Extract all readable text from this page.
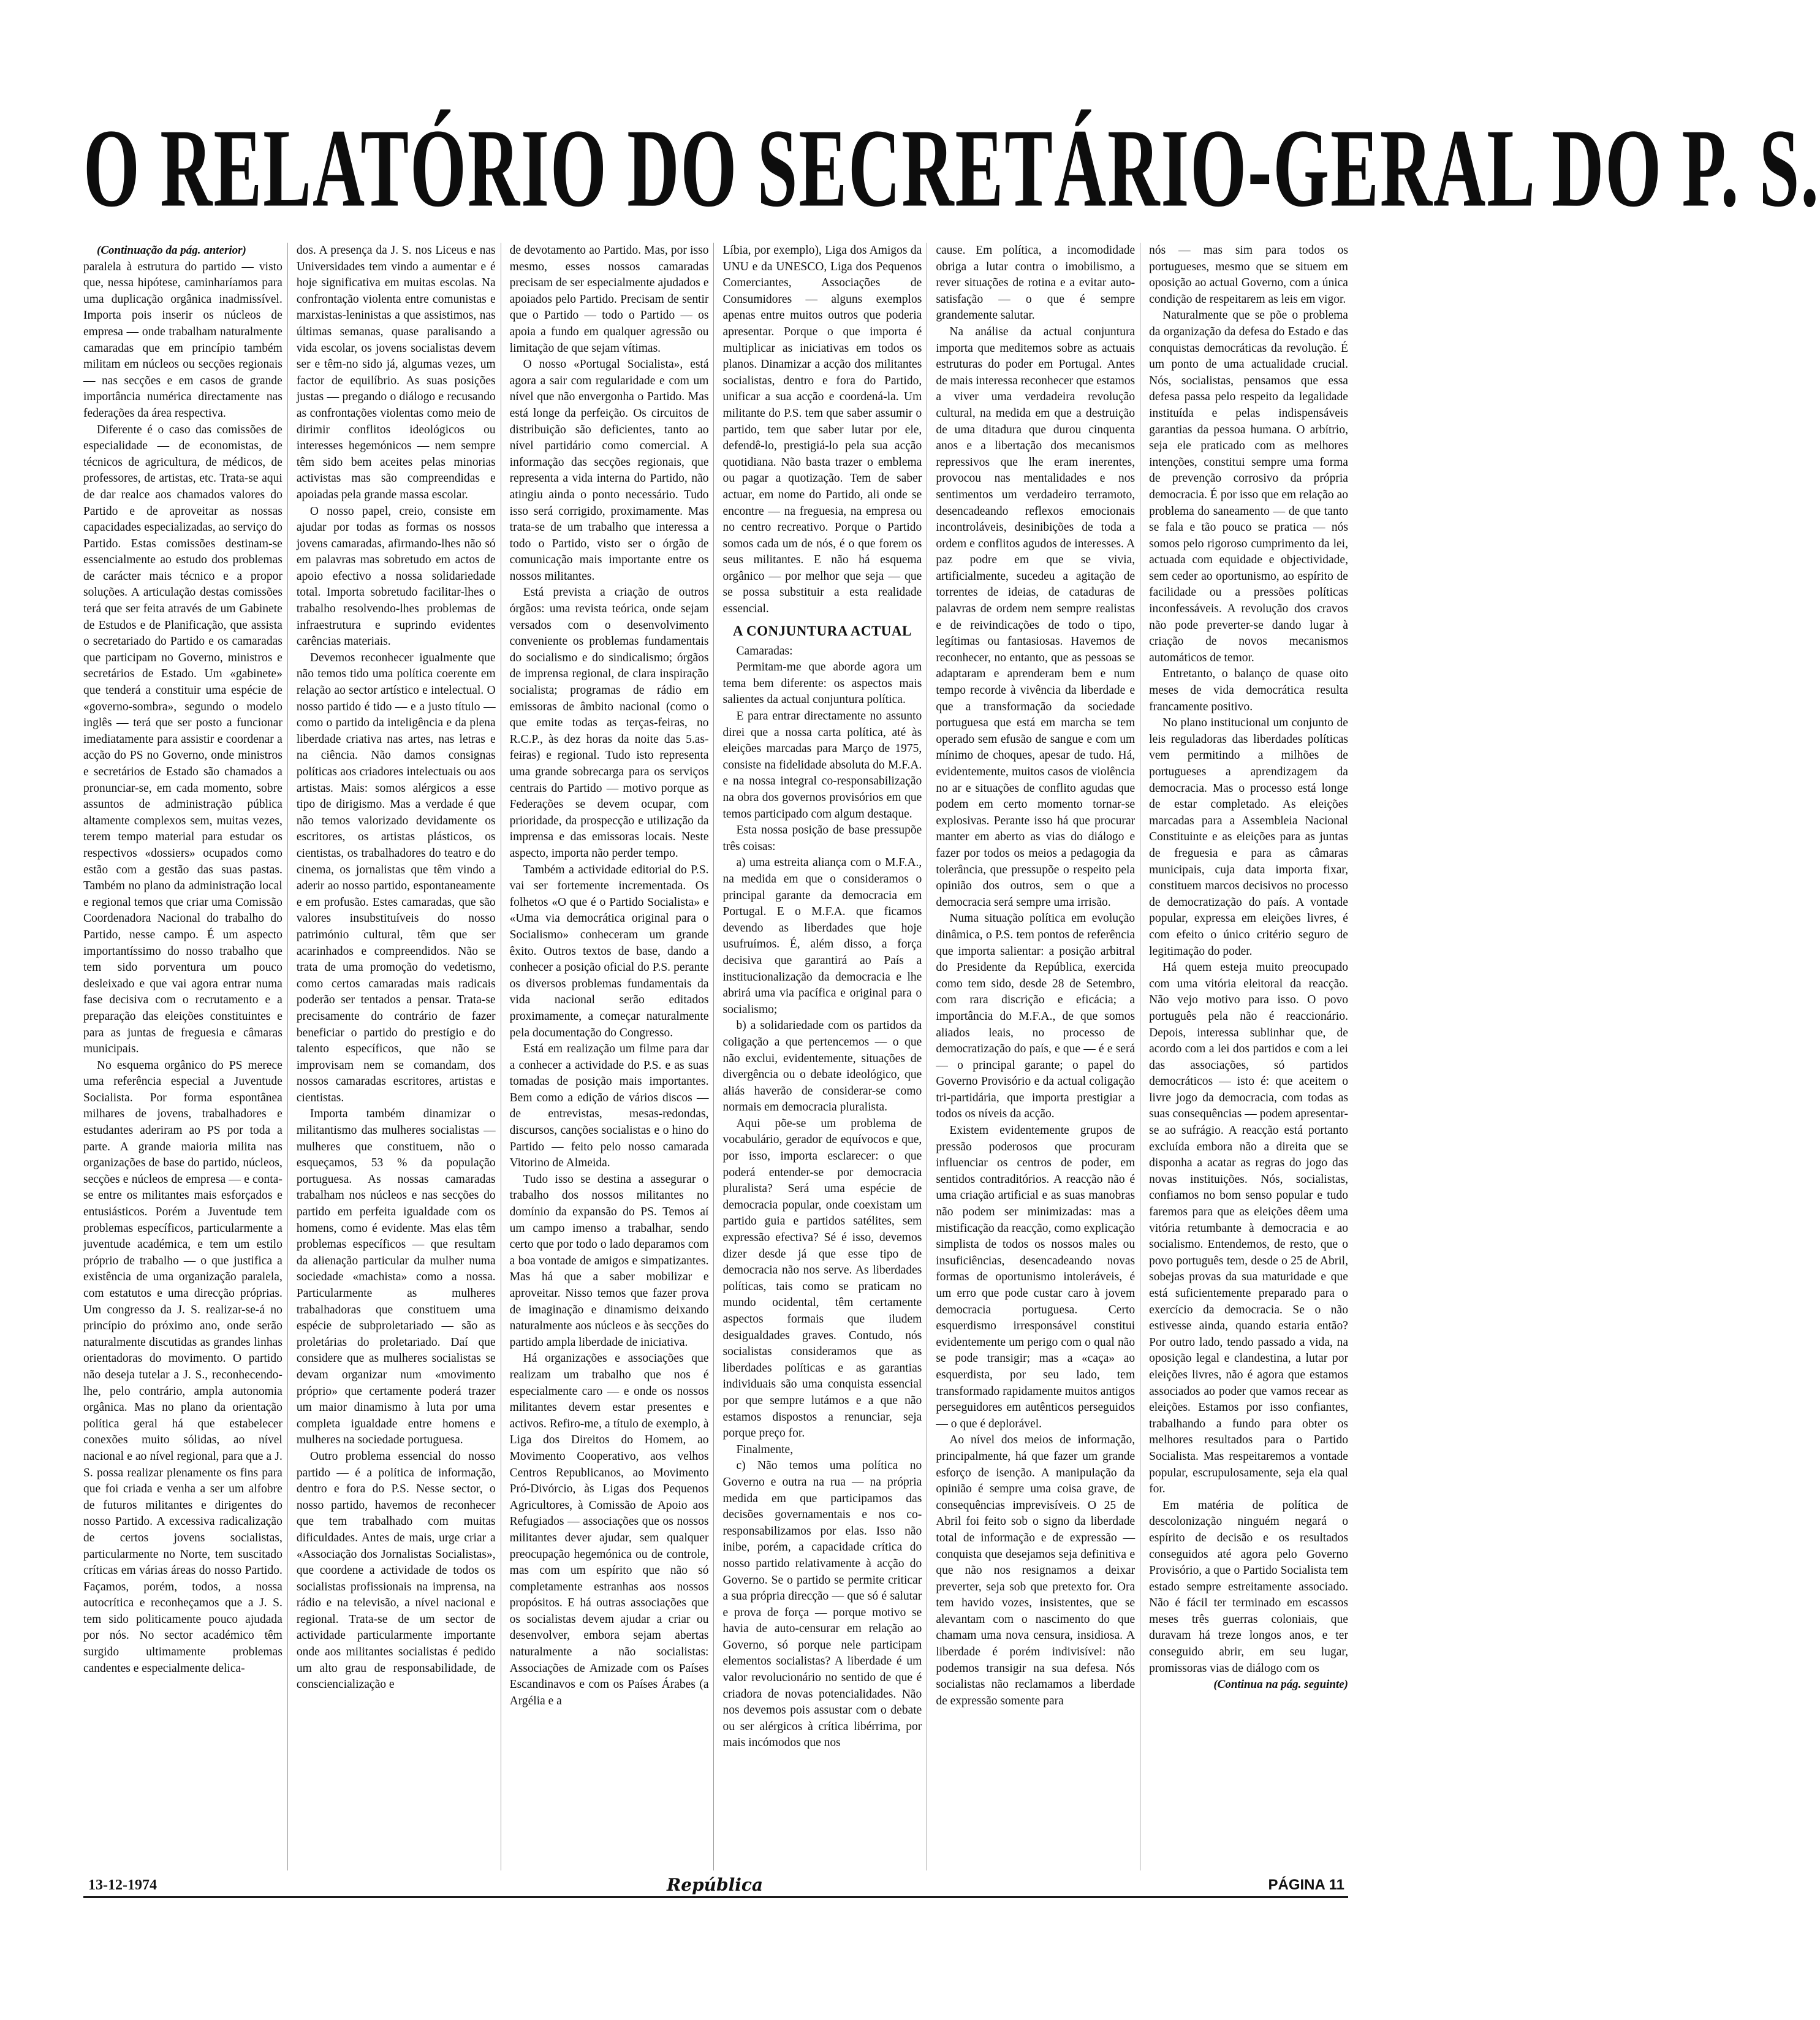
O RELATÓRIO DO SECRETÁRIO-GERAL DO P. S.

(Continuação da pág. anterior)

paralela à estrutura do partido — visto que, nessa hipótese, caminharíamos para uma duplicação orgânica inadmissível. Importa pois inserir os núcleos de empresa — onde trabalham naturalmente camaradas que em princípio também militam em núcleos ou secções regionais — nas secções e em casos de grande importância numérica directamente nas federações da área respectiva.

Diferente é o caso das comissões de especialidade — de economistas, de técnicos de agricultura, de médicos, de professores, de artistas, etc. Trata-se aqui de dar realce aos chamados valores do Partido e de aproveitar as nossas capacidades especializadas, ao serviço do Partido. Estas comissões destinam-se essencialmente ao estudo dos problemas de carácter mais técnico e a propor soluções. A articulação destas comissões terá que ser feita através de um Gabinete de Estudos e de Planificação, que assista o secretariado do Partido e os camaradas que participam no Governo, ministros e secretários de Estado. Um «gabinete» que tenderá a constituir uma espécie de «governo-sombra», segundo o modelo inglês — terá que ser posto a funcionar imediatamente para assistir e coordenar a acção do PS no Governo, onde ministros e secretários de Estado são chamados a pronunciar-se, em cada momento, sobre assuntos de administração pública altamente complexos sem, muitas vezes, terem tempo material para estudar os respectivos «dossiers» ocupados como estão com a gestão das suas pastas. Também no plano da administração local e regional temos que criar uma Comissão Coordenadora Nacional do trabalho do Partido, nesse campo. É um aspecto importantíssimo do nosso trabalho que tem sido porventura um pouco desleixado e que vai agora entrar numa fase decisiva com o recrutamento e a preparação das eleições constituintes e para as juntas de freguesia e câmaras municipais.

No esquema orgânico do PS merece uma referência especial a Juventude Socialista. Por forma espontânea milhares de jovens, trabalhadores e estudantes aderiram ao PS por toda a parte. A grande maioria milita nas organizações de base do partido, núcleos, secções e núcleos de empresa — e conta-se entre os militantes mais esforçados e entusiásticos. Porém a Juventude tem problemas específicos, particularmente a juventude académica, e tem um estilo próprio de trabalho — o que justifica a existência de uma organização paralela, com estatutos e uma direcção próprias. Um congresso da J. S. realizar-se-á no princípio do próximo ano, onde serão naturalmente discutidas as grandes linhas orientadoras do movimento. O partido não deseja tutelar a J. S., reconhecendo-lhe, pelo contrário, ampla autonomia orgânica. Mas no plano da orientação política geral há que estabelecer conexões muito sólidas, ao nível nacional e ao nível regional, para que a J. S. possa realizar plenamente os fins para que foi criada e venha a ser um alfobre de futuros militantes e dirigentes do nosso Partido. A excessiva radicalização de certos jovens socialistas, particularmente no Norte, tem suscitado críticas em várias áreas do nosso Partido. Façamos, porém, todos, a nossa autocrítica e reconheçamos que a J. S. tem sido politicamente pouco ajudada por nós. No sector académico têm surgido ultimamente problemas candentes e especialmente delica-

dos. A presença da J. S. nos Liceus e nas Universidades tem vindo a aumentar e é hoje significativa em muitas escolas. Na confrontação violenta entre comunistas e marxistas-leninistas a que assistimos, nas últimas semanas, quase paralisando a vida escolar, os jovens socialistas devem ser e têm-no sido já, algumas vezes, um factor de equilíbrio. As suas posições justas — pregando o diálogo e recusando as confrontações violentas como meio de dirimir conflitos ideológicos ou interesses hegemónicos — nem sempre têm sido bem aceites pelas minorias activistas mas são compreendidas e apoiadas pela grande massa escolar.

O nosso papel, creio, consiste em ajudar por todas as formas os nossos jovens camaradas, afirmando-lhes não só em palavras mas sobretudo em actos de apoio efectivo a nossa solidariedade total. Importa sobretudo facilitar-lhes o trabalho resolvendo-lhes problemas de infraestrutura e suprindo evidentes carências materiais.

Devemos reconhecer igualmente que não temos tido uma política coerente em relação ao sector artístico e intelectual. O nosso partido é tido — e a justo título — como o partido da inteligência e da plena liberdade criativa nas artes, nas letras e na ciência. Não damos consignas políticas aos criadores intelectuais ou aos artistas. Mais: somos alérgicos a esse tipo de dirigismo. Mas a verdade é que não temos valorizado devidamente os escritores, os artistas plásticos, os cientistas, os trabalhadores do teatro e do cinema, os jornalistas que têm vindo a aderir ao nosso partido, espontaneamente e em profusão. Estes camaradas, que são valores insubstituíveis do nosso património cultural, têm que ser acarinhados e compreendidos. Não se trata de uma promoção do vedetismo, como certos camaradas mais radicais poderão ser tentados a pensar. Trata-se precisamente do contrário de fazer beneficiar o partido do prestígio e do talento específicos, que não se improvisam nem se comandam, dos nossos camaradas escritores, artistas e cientistas.

Importa também dinamizar o militantismo das mulheres socialistas — mulheres que constituem, não o esqueçamos, 53 % da população portuguesa. As nossas camaradas trabalham nos núcleos e nas secções do partido em perfeita igualdade com os homens, como é evidente. Mas elas têm problemas específicos — que resultam da alienação particular da mulher numa sociedade «machista» como a nossa. Particularmente as mulheres trabalhadoras que constituem uma espécie de subproletariado — são as proletárias do proletariado. Daí que considere que as mulheres socialistas se devam organizar num «movimento próprio» que certamente poderá trazer um maior dinamismo à luta por uma completa igualdade entre homens e mulheres na sociedade portuguesa.

Outro problema essencial do nosso partido — é a política de informação, dentro e fora do P.S. Nesse sector, o nosso partido, havemos de reconhecer que tem trabalhado com muitas dificuldades. Antes de mais, urge criar a «Associação dos Jornalistas Socialistas», que coordene a actividade de todos os socialistas profissionais na imprensa, na rádio e na televisão, a nível nacional e regional. Trata-se de um sector de actividade particularmente importante onde aos militantes socialistas é pedido um alto grau de responsabilidade, de consciencialização e

de devotamento ao Partido. Mas, por isso mesmo, esses nossos camaradas precisam de ser especialmente ajudados e apoiados pelo Partido. Precisam de sentir que o Partido — todo o Partido — os apoia a fundo em qualquer agressão ou limitação de que sejam vítimas.

O nosso «Portugal Socialista», está agora a sair com regularidade e com um nível que não envergonha o Partido. Mas está longe da perfeição. Os circuitos de distribuição são deficientes, tanto ao nível partidário como comercial. A informação das secções regionais, que representa a vida interna do Partido, não atingiu ainda o ponto necessário. Tudo isso será corrigido, proximamente. Mas trata-se de um trabalho que interessa a todo o Partido, visto ser o órgão de comunicação mais importante entre os nossos militantes.

Está prevista a criação de outros órgãos: uma revista teórica, onde sejam versados com o desenvolvimento conveniente os problemas fundamentais do socialismo e do sindicalismo; órgãos de imprensa regional, de clara inspiração socialista; programas de rádio em emissoras de âmbito nacional (como o que emite todas as terças-feiras, no R.C.P., às dez horas da noite das 5.as-feiras) e regional. Tudo isto representa uma grande sobrecarga para os serviços centrais do Partido — motivo porque as Federações se devem ocupar, com prioridade, da prospecção e utilização da imprensa e das emissoras locais. Neste aspecto, importa não perder tempo.

Também a actividade editorial do P.S. vai ser fortemente incrementada. Os folhetos «O que é o Partido Socialista» e «Uma via democrática original para o Socialismo» conheceram um grande êxito. Outros textos de base, dando a conhecer a posição oficial do P.S. perante os diversos problemas fundamentais da vida nacional serão editados proximamente, a começar naturalmente pela documentação do Congresso.

Está em realização um filme para dar a conhecer a actividade do P.S. e as suas tomadas de posição mais importantes. Bem como a edição de vários discos — de entrevistas, mesas-redondas, discursos, canções socialistas e o hino do Partido — feito pelo nosso camarada Vitorino de Almeida.

Tudo isso se destina a assegurar o trabalho dos nossos militantes no domínio da expansão do PS. Temos aí um campo imenso a trabalhar, sendo certo que por todo o lado deparamos com a boa vontade de amigos e simpatizantes. Mas há que a saber mobilizar e aproveitar. Nisso temos que fazer prova de imaginação e dinamismo deixando naturalmente aos núcleos e às secções do partido ampla liberdade de iniciativa.

Há organizações e associações que realizam um trabalho que nos é especialmente caro — e onde os nossos militantes devem estar presentes e activos. Refiro-me, a título de exemplo, à Liga dos Direitos do Homem, ao Movimento Cooperativo, aos velhos Centros Republicanos, ao Movimento Pró-Divórcio, às Ligas dos Pequenos Agricultores, à Comissão de Apoio aos Refugiados — associações que os nossos militantes dever ajudar, sem qualquer preocupação hegemónica ou de controle, mas com um espírito que não só completamente estranhas aos nossos propósitos. E há outras associações que os socialistas devem ajudar a criar ou desenvolver, embora sejam abertas naturalmente a não socialistas: Associações de Amizade com os Países Escandinavos e com os Países Árabes (a Argélia e a

Líbia, por exemplo), Liga dos Amigos da UNU e da UNESCO, Liga dos Pequenos Comerciantes, Associações de Consumidores — alguns exemplos apenas entre muitos outros que poderia apresentar. Porque o que importa é multiplicar as iniciativas em todos os planos. Dinamizar a acção dos militantes socialistas, dentro e fora do Partido, unificar a sua acção e coordená-la. Um militante do P.S. tem que saber assumir o partido, tem que saber lutar por ele, defendê-lo, prestigiá-lo pela sua acção quotidiana. Não basta trazer o emblema ou pagar a quotização. Tem de saber actuar, em nome do Partido, ali onde se encontre — na freguesia, na empresa ou no centro recreativo. Porque o Partido somos cada um de nós, é o que forem os seus militantes. E não há esquema orgânico — por melhor que seja — que se possa substituir a esta realidade essencial.

A CONJUNTURA ACTUAL

Camaradas:

Permitam-me que aborde agora um tema bem diferente: os aspectos mais salientes da actual conjuntura política.

E para entrar directamente no assunto direi que a nossa carta política, até às eleições marcadas para Março de 1975, consiste na fidelidade absoluta do M.F.A. e na nossa integral co-responsabilização na obra dos governos provisórios em que temos participado com algum destaque.

Esta nossa posição de base pressupõe três coisas:

a) uma estreita aliança com o M.F.A., na medida em que o consideramos o principal garante da democracia em Portugal. E o M.F.A. que ficamos devendo as liberdades que hoje usufruímos. É, além disso, a força decisiva que garantirá ao País a institucionalização da democracia e lhe abrirá uma via pacífica e original para o socialismo;

b) a solidariedade com os partidos da coligação a que pertencemos — o que não exclui, evidentemente, situações de divergência ou o debate ideológico, que aliás haverão de considerar-se como normais em democracia pluralista.

Aqui põe-se um problema de vocabulário, gerador de equívocos e que, por isso, importa esclarecer: o que poderá entender-se por democracia pluralista? Será uma espécie de democracia popular, onde coexistam um partido guia e partidos satélites, sem expressão efectiva? Sé é isso, devemos dizer desde já que esse tipo de democracia não nos serve. As liberdades políticas, tais como se praticam no mundo ocidental, têm certamente aspectos formais que iludem desigualdades graves. Contudo, nós socialistas consideramos que as liberdades políticas e as garantias individuais são uma conquista essencial por que sempre lutámos e a que não estamos dispostos a renunciar, seja porque preço for.

Finalmente,

c) Não temos uma política no Governo e outra na rua — na própria medida em que participamos das decisões governamentais e nos co-responsabilizamos por elas. Isso não inibe, porém, a capacidade crítica do nosso partido relativamente à acção do Governo. Se o partido se permite criticar a sua própria direcção — que só é salutar e prova de força — porque motivo se havia de auto-censurar em relação ao Governo, só porque nele participam elementos socialistas? A liberdade é um valor revolucionário no sentido de que é criadora de novas potencialidades. Não nos devemos pois assustar com o debate ou ser alérgicos à crítica libérrima, por mais incómodos que nos

cause. Em política, a incomodidade obriga a lutar contra o imobilismo, a rever situações de rotina e a evitar auto-satisfação — o que é sempre grandemente salutar.

Na análise da actual conjuntura importa que meditemos sobre as actuais estruturas do poder em Portugal. Antes de mais interessa reconhecer que estamos a viver uma verdadeira revolução cultural, na medida em que a destruição de uma ditadura que durou cinquenta anos e a libertação dos mecanismos repressivos que lhe eram inerentes, provocou nas mentalidades e nos sentimentos um verdadeiro terramoto, desencadeando reflexos emocionais incontroláveis, desinibições de toda a ordem e conflitos agudos de interesses. A paz podre em que se vivia, artificialmente, sucedeu a agitação de torrentes de ideias, de cataduras de palavras de ordem nem sempre realistas e de reivindicações de todo o tipo, legítimas ou fantasiosas. Havemos de reconhecer, no entanto, que as pessoas se adaptaram e aprenderam bem e num tempo recorde à vivência da liberdade e que a transformação da sociedade portuguesa que está em marcha se tem operado sem efusão de sangue e com um mínimo de choques, apesar de tudo. Há, evidentemente, muitos casos de violência no ar e situações de conflito agudas que podem em certo momento tornar-se explosivas. Perante isso há que procurar manter em aberto as vias do diálogo e fazer por todos os meios a pedagogia da tolerância, que pressupõe o respeito pela opinião dos outros, sem o que a democracia será sempre uma irrisão.

Numa situação política em evolução dinâmica, o P.S. tem pontos de referência que importa salientar: a posição arbitral do Presidente da República, exercida como tem sido, desde 28 de Setembro, com rara discrição e eficácia; a importância do M.F.A., de que somos aliados leais, no processo de democratização do país, e que — é e será — o principal garante; o papel do Governo Provisório e da actual coligação tri-partidária, que importa prestigiar a todos os níveis da acção.

Existem evidentemente grupos de pressão poderosos que procuram influenciar os centros de poder, em sentidos contraditórios. A reacção não é uma criação artificial e as suas manobras não podem ser minimizadas: mas a mistificação da reacção, como explicação simplista de todos os nossos males ou insuficiências, desencadeando novas formas de oportunismo intoleráveis, é um erro que pode custar caro à jovem democracia portuguesa. Certo esquerdismo irresponsável constitui evidentemente um perigo com o qual não se pode transigir; mas a «caça» ao esquerdista, por seu lado, tem transformado rapidamente muitos antigos perseguidores em autênticos perseguidos — o que é deplorável.

Ao nível dos meios de informação, principalmente, há que fazer um grande esforço de isenção. A manipulação da opinião é sempre uma coisa grave, de consequências imprevisíveis. O 25 de Abril foi feito sob o signo da liberdade total de informação e de expressão — conquista que desejamos seja definitiva e que não nos resignamos a deixar preverter, seja sob que pretexto for. Ora tem havido vozes, insistentes, que se alevantam com o nascimento do que chamam uma nova censura, insidiosa. A liberdade é porém indivisível: não podemos transigir na sua defesa. Nós socialistas não reclamamos a liberdade de expressão somente para

nós — mas sim para todos os portugueses, mesmo que se situem em oposição ao actual Governo, com a única condição de respeitarem as leis em vigor.

Naturalmente que se põe o problema da organização da defesa do Estado e das conquistas democráticas da revolução. É um ponto de uma actualidade crucial. Nós, socialistas, pensamos que essa defesa passa pelo respeito da legalidade instituída e pelas indispensáveis garantias da pessoa humana. O arbítrio, seja ele praticado com as melhores intenções, constitui sempre uma forma de prevenção corrosivo da própria democracia. É por isso que em relação ao problema do saneamento — de que tanto se fala e tão pouco se pratica — nós somos pelo rigoroso cumprimento da lei, actuada com equidade e objectividade, sem ceder ao oportunismo, ao espírito de facilidade ou a pressões políticas inconfessáveis. A revolução dos cravos não pode preverter-se dando lugar à criação de novos mecanismos automáticos de temor.

Entretanto, o balanço de quase oito meses de vida democrática resulta francamente positivo.

No plano institucional um conjunto de leis reguladoras das liberdades políticas vem permitindo a milhões de portugueses a aprendizagem da democracia. Mas o processo está longe de estar completado. As eleições marcadas para a Assembleia Nacional Constituinte e as eleições para as juntas de freguesia e para as câmaras municipais, cuja data importa fixar, constituem marcos decisivos no processo de democratização do país. A vontade popular, expressa em eleições livres, é com efeito o único critério seguro de legitimação do poder.

Há quem esteja muito preocupado com uma vitória eleitoral da reacção. Não vejo motivo para isso. O povo português pela não é reaccionário. Depois, interessa sublinhar que, de acordo com a lei dos partidos e com a lei das associações, só partidos democráticos — isto é: que aceitem o livre jogo da democracia, com todas as suas consequências — podem apresentar-se ao sufrágio. A reacção está portanto excluída embora não a direita que se disponha a acatar as regras do jogo das novas instituições. Nós, socialistas, confiamos no bom senso popular e tudo faremos para que as eleições dêem uma vitória retumbante à democracia e ao socialismo. Entendemos, de resto, que o povo português tem, desde o 25 de Abril, sobejas provas da sua maturidade e que está suficientemente preparado para o exercício da democracia. Se o não estivesse ainda, quando estaria então? Por outro lado, tendo passado a vida, na oposição legal e clandestina, a lutar por eleições livres, não é agora que estamos associados ao poder que vamos recear as eleições. Estamos por isso confiantes, trabalhando a fundo para obter os melhores resultados para o Partido Socialista. Mas respeitaremos a vontade popular, escrupulosamente, seja ela qual for.

Em matéria de política de descolonização ninguém negará o espírito de decisão e os resultados conseguidos até agora pelo Governo Provisório, a que o Partido Socialista tem estado sempre estreitamente associado. Não é fácil ter terminado em escassos meses três guerras coloniais, que duravam há treze longos anos, e ter conseguido abrir, em seu lugar, promissoras vias de diálogo com os

(Continua na pág. seguinte)

13-12-1974	República	PÁGINA 11
